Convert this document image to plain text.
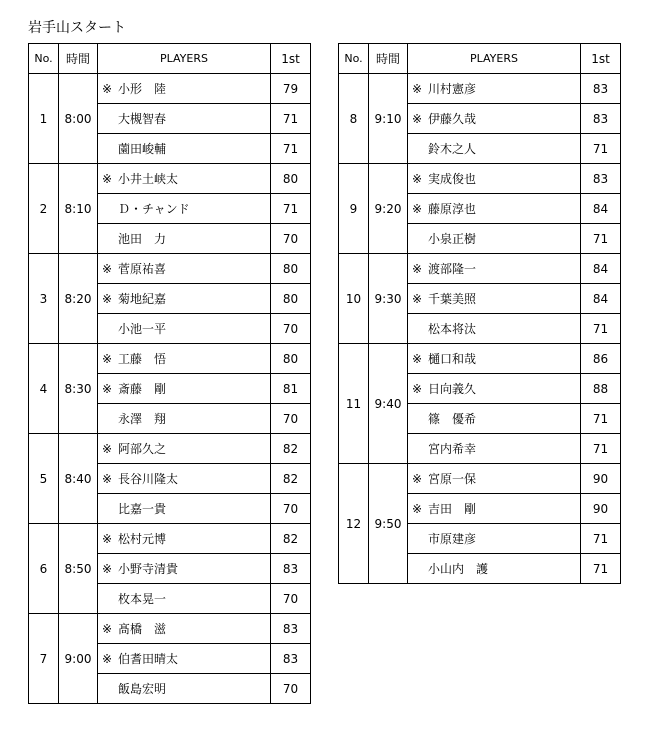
岩手山スタート
No.	時間	PLAYERS	1st
1	8:00	※ 小形　陸	79
		大槻智春	71
		薗田峻輔	71
2	8:10	※ 小井土峡太	80
		Ｄ・チャンド	71
		池田　力	70
3	8:20	※ 菅原祐喜	80
		※ 菊地紀嘉	80
		小池一平	70
4	8:30	※ 工藤　悟	80
		※ 斎藤　剛	81
		永澤　翔	70
5	8:40	※ 阿部久之	82
		※ 長谷川隆太	82
		比嘉一貴	70
6	8:50	※ 松村元博	82
		※ 小野寺清貴	83
		枚本晃一	70
7	9:00	※ 髙橋　滋	83
		※ 伯耆田晴太	83
		飯島宏明	70
No.	時間	PLAYERS	1st
8	9:10	※ 川村憲彦	83
		※ 伊藤久哉	83
		鈴木之人	71
9	9:20	※ 実成俊也	83
		※ 藤原淳也	84
		小泉正樹	71
10	9:30	※ 渡部隆一	84
		※ 千葉美照	84
		松本将汰	71
11	9:40	※ 樋口和哉	86
		※ 日向義久	88
		篠　優希	71
		宮内希幸	71
12	9:50	※ 宮原一保	90
		※ 吉田　剛	90
		市原建彦	71
		小山内　護	71
